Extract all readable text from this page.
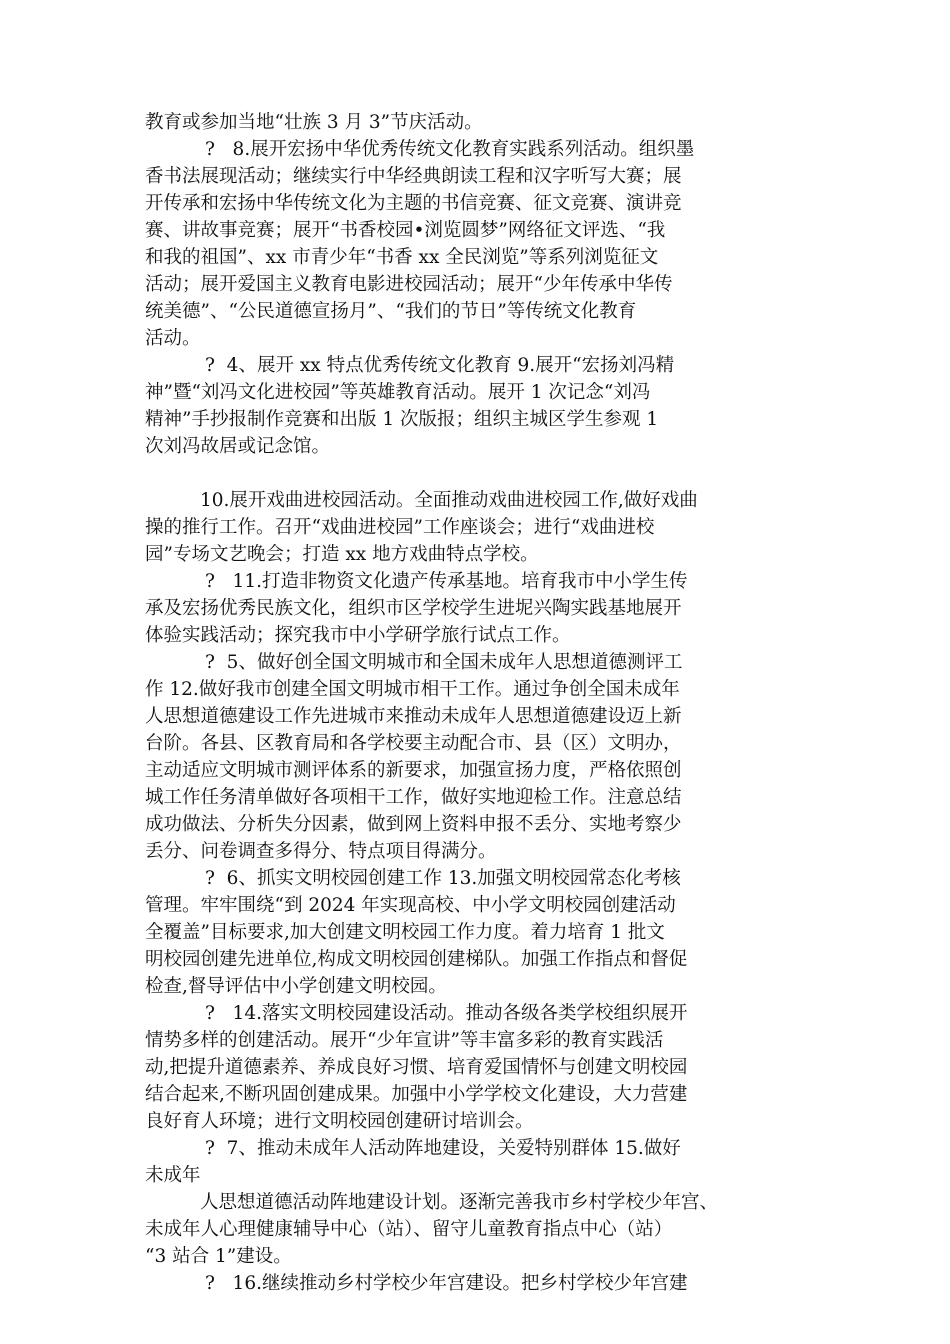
教育或参加当地“壮族 3 月 3”节庆活动。
?   8.展开宏扬中华优秀传统文化教育实践系列活动。组织墨
香书法展现活动；继续实行中华经典朗读工程和汉字听写大赛；展
开传承和宏扬中华传统文化为主题的书信竞赛、征文竞赛、演讲竞
赛、讲故事竞赛；展开“书香校园•浏览圆梦”网络征文评选、“我
和我的祖国”、xx 市青少年“书香 xx 全民浏览”等系列浏览征文
活动；展开爱国主义教育电影进校园活动；展开“少年传承中华传
统美德”、“公民道德宣扬月”、“我们的节日”等传统文化教育
活动。
?  4、展开 xx 特点优秀传统文化教育 9.展开“宏扬刘冯精
神”暨“刘冯文化进校园”等英雄教育活动。展开 1 次记念“刘冯
精神”手抄报制作竞赛和出版 1 次版报；组织主城区学生参观 1
次刘冯故居或记念馆。
10.展开戏曲进校园活动。全面推动戏曲进校园工作,做好戏曲
操的推行工作。召开“戏曲进校园”工作座谈会；进行“戏曲进校
园”专场文艺晚会；打造 xx 地方戏曲特点学校。
?   11.打造非物资文化遗产传承基地。培育我市中小学生传
承及宏扬优秀民族文化，组织市区学校学生进坭兴陶实践基地展开
体验实践活动；探究我市中小学研学旅行试点工作。
?  5、做好创全国文明城市和全国未成年人思想道德测评工
作 12.做好我市创建全国文明城市相干工作。通过争创全国未成年
人思想道德建设工作先进城市来推动未成年人思想道德建设迈上新
台阶。各县、区教育局和各学校要主动配合市、县（区）文明办，
主动适应文明城市测评体系的新要求，加强宣扬力度，严格依照创
城工作任务清单做好各项相干工作，做好实地迎检工作。注意总结
成功做法、分析失分因素，做到网上资料申报不丢分、实地考察少
丢分、问卷调查多得分、特点项目得满分。
?  6、抓实文明校园创建工作 13.加强文明校园常态化考核
管理。牢牢围绕“到 2024 年实现高校、中小学文明校园创建活动
全覆盖”目标要求,加大创建文明校园工作力度。着力培育 1 批文
明校园创建先进单位,构成文明校园创建梯队。加强工作指点和督促
检查,督导评估中小学创建文明校园。
?   14.落实文明校园建设活动。推动各级各类学校组织展开
情势多样的创建活动。展开“少年宣讲”等丰富多彩的教育实践活
动,把提升道德素养、养成良好习惯、培育爱国情怀与创建文明校园
结合起来,不断巩固创建成果。加强中小学学校文化建设，大力营建
良好育人环境；进行文明校园创建研讨培训会。
?  7、推动未成年人活动阵地建设，关爱特别群体 15.做好
未成年
人思想道德活动阵地建设计划。逐渐完善我市乡村学校少年宫、
未成年人心理健康辅导中心（站）、留守儿童教育指点中心（站）
“3 站合 1”建设。
?   16.继续推动乡村学校少年宫建设。把乡村学校少年宫建
